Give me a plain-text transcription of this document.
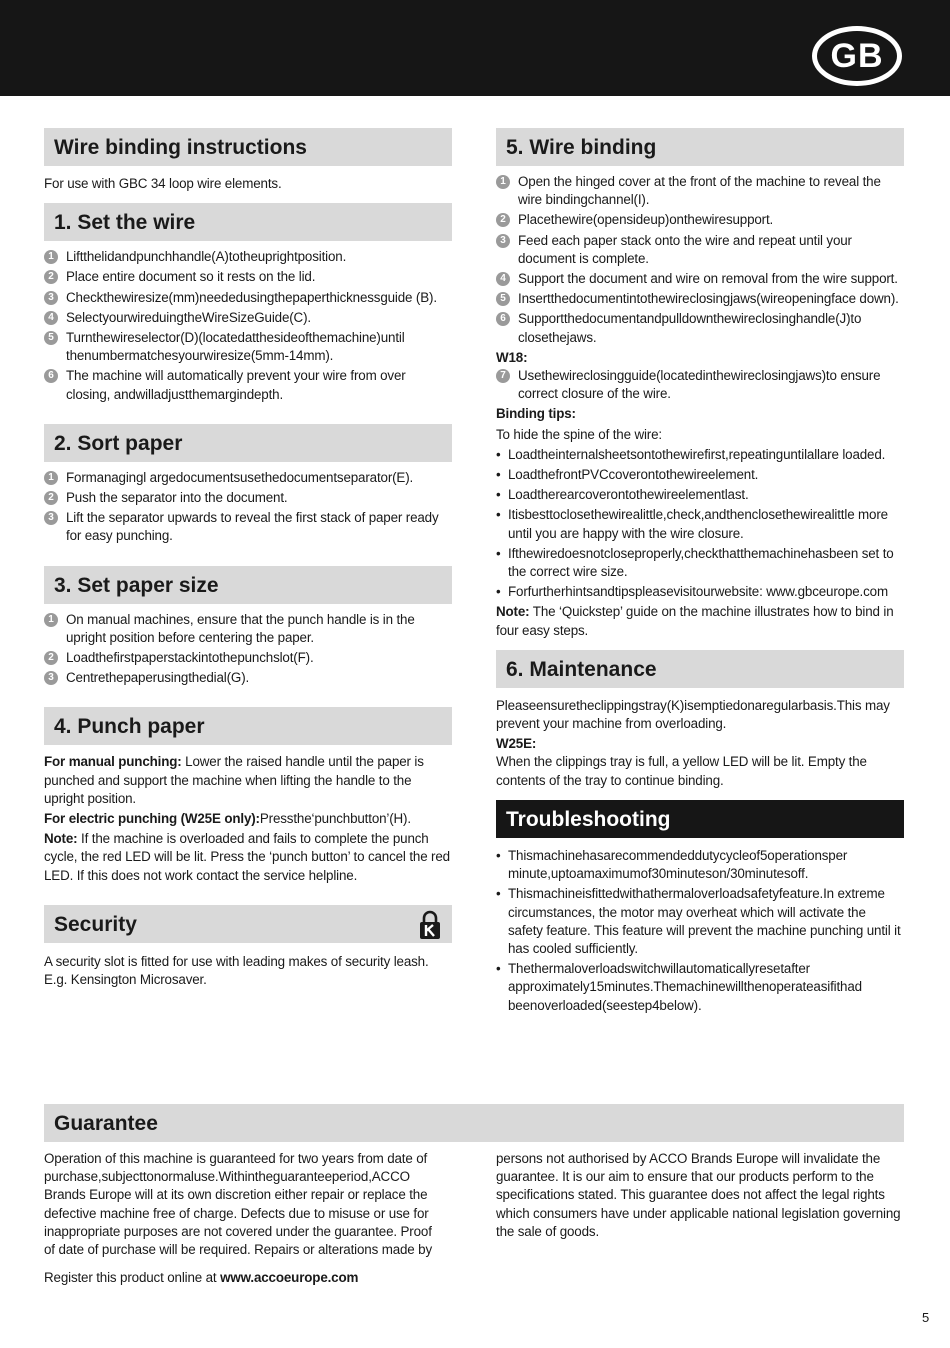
GB
Wire binding instructions
For use with GBC 34 loop wire elements.
1. Set the wire
1 Liftthelidandpunchhandle(A)totheuprightposition.
2 Place entire document so it rests on the lid.
3 Checkthewiresize(mm)neededusingthepaperthicknessguide (B).
4 SelectyourwireduingtheWireSizeGuide(C).
5 Turnthewireselector(D)(locatedatthesideofthemachine)until thenumbermatchesyourwiresize(5mm-14mm).
6 The machine will automatically prevent your wire from over closing, andwilladjustthemargindepth.
2. Sort paper
1 Formanagingl argedocumentsusethedocumentseparator(E).
2 Push the separator into the document.
3 Lift the separator upwards to reveal the first stack of paper ready for easy punching.
3. Set paper size
1 On manual machines, ensure that the punch handle is in the upright position before centering the paper.
2 Loadthefirstpaperstackintothepunchslot(F).
3 Centrethepaperusingthedial(G).
4. Punch paper
For manual punching: Lower the raised handle until the paper is punched and support the machine when lifting the handle to the upright position.
For electric punching (W25E only):Pressthe‘punchbutton’(H).
Note: If the machine is overloaded and fails to complete the punch cycle, the red LED will be lit. Press the ‘punch button’ to cancel the red LED. If this does not work contact the service helpline.
Security
A security slot is fitted for use with leading makes of security leash. E.g. Kensington Microsaver.
5. Wire binding
1 Open the hinged cover at the front of the machine to reveal the wire bindingchannel(I).
2 Placethewire(opensideup)onthewiresupport.
3 Feed each paper stack onto the wire and repeat until your document is complete.
4 Support the document and wire on removal from the wire support.
5 Insertthedocumentintothewireclosingjaws(wireopeningface down).
6 Supportthedocumentandpulldownthewireclosinghandle(J)to closethejaws.
W18:
7 Usethewireclosingguide(locatedinthewireclosingjaws)to ensure correct closure of the wire.
Binding tips:
To hide the spine of the wire:
• Loadtheinternalsheetsontothewirefirst,repeatinguntilallare loaded.
• LoadthefrontPVCcoverontothewireelement.
• Loadtherearcoverontothewireelementlast.
• Itisbesttoclosethewirealittle,check,andthenclosethewirealittle more until you are happy with the wire closure.
• Ifthewiredoesnotcloseproperly,checkthatthemachinehasbeen set to the correct wire size.
• Forfurtherhintsandtipspleasevisitourwebsite: www.gbceurope.com
Note: The ‘Quickstep’ guide on the machine illustrates how to bind in four easy steps.
6. Maintenance
Pleaseensuretheclippingstray(K)isemptiedonaregularbasis.This may prevent your machine from overloading.
W25E:
When the clippings tray is full, a yellow LED will be lit. Empty the contents of the tray to continue binding.
Troubleshooting
• Thismachinehasarecommendeddutycycleof5operationsper minute,uptoamaximumof30minuteson/30minutesoff.
• Thismachineisfittedwithathermaloverloadsafetyfeature.In extreme circumstances, the motor may overheat which will activate the safety feature. This feature will prevent the machine punching until it has cooled sufficiently.
• Thethermaloverloadswitchwillautomaticallyresetafter approximately15minutes.Themachinewillthenoperateasifithad beenoverloaded(seestep4below).
Guarantee
Operation of this machine is guaranteed for two years from date of purchase,subjecttonormaluse.Withintheguaranteeperiod,ACCO Brands Europe will at its own discretion either repair or replace the defective machine free of charge. Defects due to misuse or use for inappropriate purposes are not covered under the guarantee. Proof of date of purchase will be required. Repairs or alterations made by
persons not authorised by ACCO Brands Europe will invalidate the guarantee. It is our aim to ensure that our products perform to the specifications stated. This guarantee does not affect the legal rights which consumers have under applicable national legislation governing the sale of goods.
Register this product online at www.accoeurope.com
5
